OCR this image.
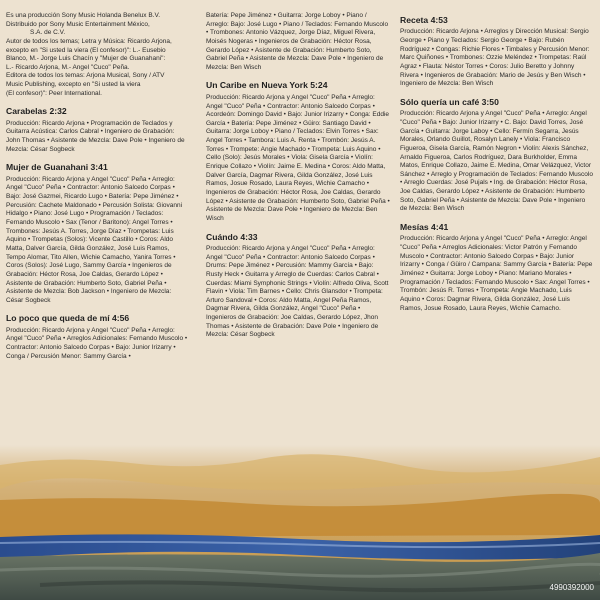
Es una producción Sony Music Holanda Benelux B.V.
Distribuido por Sony Music Entertainment México,
S.A. de C.V.
Autor de todos los temas; Letra y Música: Ricardo Arjona,
excepto en "Si usted la viera (El confesor)": L.- Eusebio
Blanco, M.- Jorge Luis Chacín y "Mujer de Guanahani":
L.- Ricardo Arjona, M.- Angel "Cuco" Peña.
Editora de todos los temas: Arjona Musical, Sony / ATV
Music Publishing, excepto en "Si usted la viera
(El confesor)": Peer International.

Carabelas 2:32
Producción: Ricardo Arjona • Programación de Teclados y Guitarra Acústica: Carlos Cabral • Ingeniero de Grabación: John Thomas • Asistente de Mezcla: Dave Pole • Ingeniero de Mezcla: César Sogbeck
Mujer de Guanahani 3:41
Producción: Ricardo Arjona y Angel "Cuco" Peña • Arreglo: Angel "Cuco" Peña • Contractor: Antonio Salcedo Corpas • Bajo: José Gazmei, Ricardo Lugo • Batería: Pepe Jiménez • Percusión: Cachete Maldonado • Percusión Solista: Giovanni Hidalgo • Piano: José Lugo • Programación / Teclados: Fernando Muscolo • Sax (Tenor / Baritono): Angel Torres • Trombones: Jesús A. Torres, Jorge Díaz • Trompetas: Luis Aquino • Trompetas (Solos): Vicente Castillo • Coros: Aldo Matta, Dalver García, Gilda González, José Luis Ramos, Tempo Alomar, Tito Allen, Wichie Camacho, Yanira Torres • Coros (Solos): José Lugo, Sammy García • Ingenieros de Grabación: Héctor Rosa, Joe Caldas, Gerardo López • Asistente de Grabación: Humberto Soto, Gabriel Peña • Asistente de Mezcla: Bob Jackson • Ingeniero de Mezcla: César Sogbeck
Lo poco que queda de mí 4:56
Producción: Ricardo Arjona y Angel "Cuco" Peña • Arreglo: Angel "Cuco" Peña • Arreglos Adicionales: Fernando Muscolo • Contractor: Antonio Salcedo Corpas • Bajo: Junior Irizarry • Conga / Percusión Menor: Sammy García •
Batería: Pepe Jiménez • Guitarra: Jorge Loboy • Piano / Arreglo: Bajo: José Lugo • Piano / Teclados: Fernando Muscolo • Trombones: Antonio Vázquez, Jorge Díaz, Miguel Rivera, Moisés Nogeras • Ingenieros de Grabación: Héctor Rosa, Gerardo López • Asistente de Grabación: Humberto Soto, Gabriel Peña • Asistente de Mezcla: Dave Pole • Ingeniero de Mezcla: Ben Wisch
Un Caribe en Nueva York 5:24
Producción: Ricardo Arjona y Angel "Cuco" Peña • Arreglo: Angel "Cuco" Peña • Contractor: Antonio Salcedo Corpas • Acordeón: Domingo David • Bajo: Junior Irizarry • Conga: Eddie García • Batería: Pepe Jiménez • Güiro: Santiago David • Guitarra: Jorge Loboy • Piano / Teclados: Elvin Torres • Sax: Angel Torres • Tambora: Luis A. Renta • Trombón: Jesús A. Torres • Trompete: Angie Machado • Trompeta: Luis Aquino • Cello (Solo): Jesús Morales • Viola: Gisela García • Violín: Enrique Collazo • Violín: Jaime E. Medina • Coros: Aldo Matta, Dalver García, Dagmar Rivera, Gilda González, José Luis Ramos, Josue Rosado, Laura Reyes, Wichie Camacho • Ingenieros de Grabación: Héctor Rosa, Joe Caldas, Gerardo López • Asistente de Grabación: Humberto Soto, Gabriel Peña • Asistente de Mezcla: Dave Pole • Ingeniero de Mezcla: Ben Wisch
Cuándo 4:33
Producción: Ricardo Arjona y Angel "Cuco" Peña • Arreglo: Angel "Cuco" Peña • Contractor: Antonio Salcedo Corpas • Drums: Pepe Jiménez • Percusión: Mammy García • Bajo: Rusty Heck • Guitarra y Arreglo de Cuerdas: Carlos Cabral • Cuerdas: Miami Symphonic Strings • Violín: Alfredo Oliva, Scott Flavin • Viola: Tim Barnes • Cello: Chris Glansdor • Trompeta: Arturo Sandoval • Coros: Aldo Matta, Angel Peña Ramos, Dagmar Rivera, Gilda González, Angel "Cuco" Peña • Ingenieros de Grabación: Joe Caldas, Gerardo López, Jhon Thomas • Asistente de Grabación: Dave Pole • Ingeniero de Mezcla: César Sogbeck
Receta 4:53
Producción: Ricardo Arjona • Arreglos y Dirección Musical: Sergio George • Piano y Teclados: Sergio George • Bajo: Rubén Rodríguez • Congas: Richie Flores • Timbales y Percusión Menor: Marc Quiñones • Trombones: Ozzie Meléndez • Trompetas: Raúl Agraz • Flauta: Néstor Torres • Coros: Julio Beretto y Johnny Rivera • Ingenieros de Grabación: Mario de Jesús y Ben Wisch • Ingeniero de Mezcla: Ben Wisch
Sólo quería un café 3:50
Producción: Ricardo Arjona y Angel "Cuco" Peña • Arreglo: Angel "Cuco" Peña • Bajo: Junior Irizarry • C. Bajo: David Torres, José García • Guitarra: Jorge Laboy • Cello: Fermín Segarra, Jesús Morales, Orlando Guillot, Rosalyn Lanely • Viola: Francisco Figueroa, Gisela García, Ramón Negron • Violín: Alexis Sánchez, Arnaldo Figueroa, Carlos Rodríguez, Dara Burkholder, Emma Matos, Enrique Collazo, Jaime E. Medina, Omar Velázquez, Victor Sánchez • Arreglo y Programación de Teclados: Fernando Muscolo • Arreglo Cuerdas: José Pujals • Ing. de Grabación: Héctor Rosa, Joe Caldas, Gerardo López • Asistente de Grabación: Humberto Soto, Gabriel Peña • Asistente de Mezcla: Dave Pole • Ingeniero de Mezcla: Ben Wisch
Mesías 4:41
Producción: Ricardo Arjona y Angel "Cuco" Peña • Arreglo: Angel "Cuco" Peña • Arreglos Adicionales: Victor Patrón y Fernando Muscolo • Contractor: Antonio Salcedo Corpas • Bajo: Junior Irizarry • Conga / Güiro / Campana: Sammy García • Batería: Pepe Jiménez • Guitarra: Jorge Loboy • Piano: Mariano Morales • Programación / Teclados: Fernando Muscolo • Sax: Angel Torres • Trombón: Jesús R. Torres • Trompeta: Angie Machado, Luis Aquino • Coros: Dagmar Rivera, Gilda González, José Luis Ramos, Josue Rosado, Laura Reyes, Wichie Camacho.
4990392000
